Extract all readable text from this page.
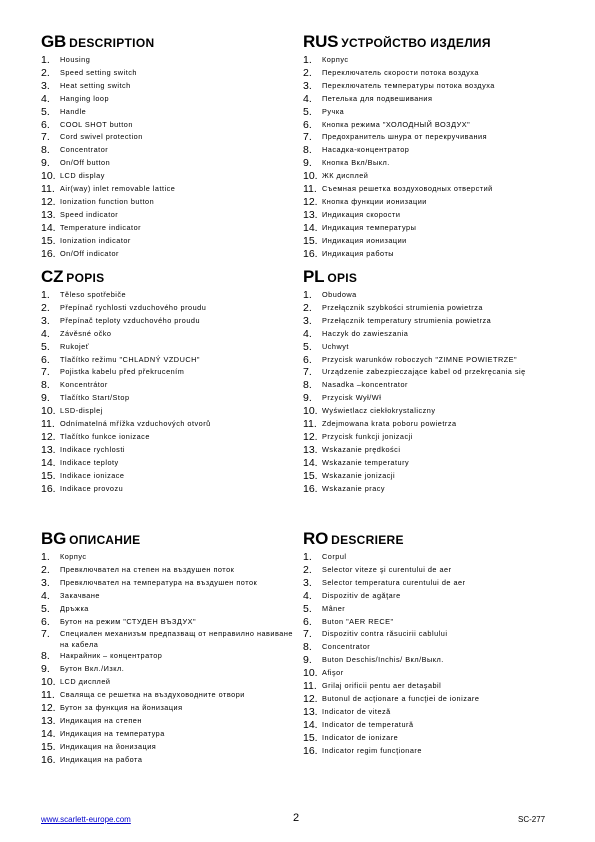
GB DESCRIPTION
1.	Housing
2.	Speed setting switch
3.	Heat setting switch
4.	Hanging loop
5.	Handle
6.	COOL SHOT button
7.	Cord swivel protection
8.	Concentrator
9.	On/Off button
10. LCD display
11. Air(way) inlet removable lattice
12. Ionization function button
13. Speed indicator
14. Temperature indicator
15. Ionization indicator
16. On/Off indicator
RUS УСТРОЙСТВО ИЗДЕЛИЯ
1.	Корпус
2.	Переключатель скорости потока воздуха
3.	Переключатель температуры потока воздуха
4.	Петелька для подвешивания
5.	Ручка
6.	Кнопка режима "ХОЛОДНЫЙ ВОЗДУХ"
7.	Предохранитель шнура от перекручивания
8.	Насадка-концентратор
9.	Кнопка Вкл/Выкл.
10. ЖК дисплей
11. Съемная решетка воздуховодных отверстий
12. Кнопка функции ионизации
13. Индикация скорости
14. Индикация температуры
15. Индикация ионизации
16. Индикация работы
CZ POPIS
1.	Těleso spotřebiče
2.	Přepínač rychlosti vzduchového proudu
3.	Přepínač teploty vzduchového proudu
4.	Závěsné očko
5.	Rukojeť
6.	Tlačítko režimu "CHLADNÝ VZDUCH"
7.	Pojistka kabelu před překrucením
8.	Koncentrátor
9.	Tlačítko Start/Stop
10. LSD-displej
11. Odnímatelná mřížka vzduchových otvorů
12. Tlačítko funkce ionizace
13. Indikace rychlosti
14. Indikace teploty
15. Indikace ionizace
16. Indikace provozu
PL OPIS
1.	Obudowa
2.	Przełącznik szybkości strumienia powietrza
3.	Przełącznik temperatury strumienia powietrza
4.	Haczyk do zawieszania
5.	Uchwyt
6.	Przycisk warunków roboczych "ZIMNE POWIETRZE"
7.	Urządzenie zabezpieczające kabel od przekręcania się
8.	Nasadka –koncentrator
9.	Przycisk Wył/Wł
10. Wyświetlacz ciekłokrystaliczny
11. Zdejmowana krata poboru powietrza
12. Przycisk funkcji jonizacji
13. Wskazanie prędkości
14. Wskazanie temperatury
15. Wskazanie jonizacji
16. Wskazanie pracy
BG ОПИСАНИЕ
1.	Корпус
2.	Превключвател на степен на въздушен поток
3.	Превключвател на температура на въздушен поток
4.	Закачване
5.	Дръжка
6.	Бутон на режим "СТУДЕН ВЪЗДУХ"
7.	Специален механизъм предпазващ от неправилно навиване на кабела
8.	Накрайник – концентратор
9.	Бутон Вкл./Изкл.
10. LCD дисплей
11. Сваляща се решетка на въздуховодните отвори
12. Бутон за функция на йонизация
13. Индикация на степен
14. Индикация на температура
15. Индикация на йонизация
16. Индикация на работа
RO DESCRIERE
1.	Corpul
2.	Selector viteze şi curentului de aer
3.	Selector temperatura curentului de aer
4.	Dispozitiv de agăţare
5.	Mâner
6.	Buton "AER RECE"
7.	Dispozitiv contra răsucirii cablului
8.	Concentrator
9.	Buton Deschis/Inchis/ Вкл/Выкл.
10. Afişor
11. Grilaj orificii pentu aer detaşabil
12. Butonul de acţionare a funcţiei de ionizare
13. Indicator de viteză
14. Indicator de temperatură
15. Indicator de ionizare
16. Indicator regim funcţionare
www.scarlett-europe.com	2	SC-277
